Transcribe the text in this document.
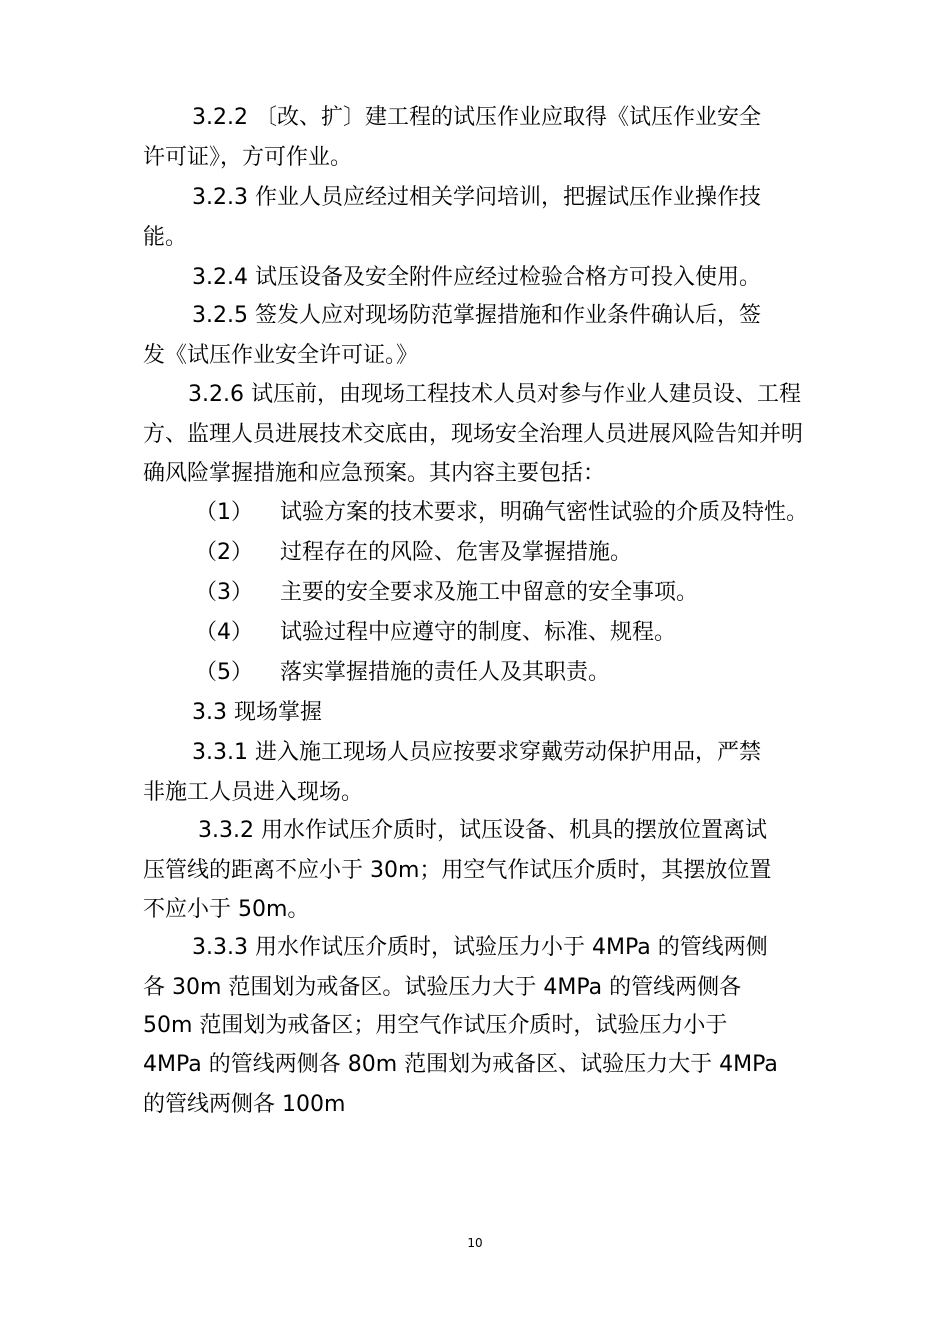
3.2.2 〔改、扩〕建工程的试压作业应取得《试压作业安全
许可证》，方可作业。
3.2.3 作业人员应经过相关学问培训，把握试压作业操作技
能。
3.2.4 试压设备及安全附件应经过检验合格方可投入使用。
3.2.5 签发人应对现场防范掌握措施和作业条件确认后，签
发《试压作业安全许可证。》
3.2.6 试压前，由现场工程技术人员对参与作业人建员设、工程
方、监理人员进展技术交底由，现场安全治理人员进展风险告知并明
确风险掌握措施和应急预案。其内容主要包括：
（1）	试验方案的技术要求，明确气密性试验的介质及特性。
（2）	过程存在的风险、危害及掌握措施。
（3）	主要的安全要求及施工中留意的安全事项。
（4）	试验过程中应遵守的制度、标准、规程。
（5）	落实掌握措施的责任人及其职责。
3.3 现场掌握
3.3.1 进入施工现场人员应按要求穿戴劳动保护用品，严禁
非施工人员进入现场。
3.3.2 用水作试压介质时，试压设备、机具的摆放位置离试
压管线的距离不应小于 30m；用空气作试压介质时，其摆放位置
不应小于 50m。
3.3.3 用水作试压介质时，试验压力小于 4MPa 的管线两侧
各 30m 范围划为戒备区。试验压力大于 4MPa 的管线两侧各
50m 范围划为戒备区；用空气作试压介质时，试验压力小于
4MPa 的管线两侧各 80m 范围划为戒备区、试验压力大于 4MPa
的管线两侧各 100m
10
